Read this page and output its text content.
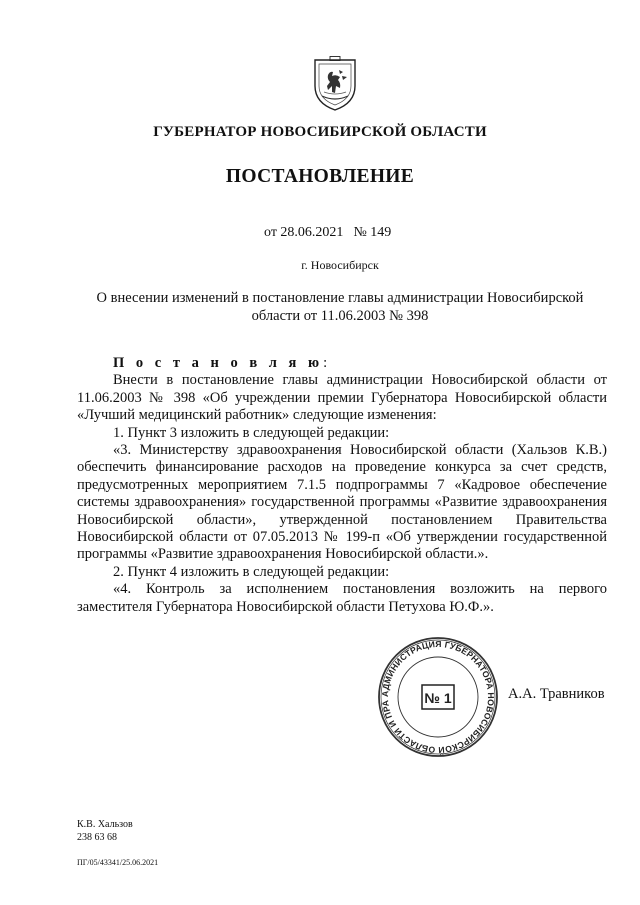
ГУБЕРНАТОР НОВОСИБИРСКОЙ ОБЛАСТИ
ПОСТАНОВЛЕНИЕ
от 28.06.2021 № 149
г. Новосибирск
О внесении изменений в постановление главы администрации Новосибирской области от 11.06.2003 № 398

П о с т а н о в л я ю:

Внести в постановление главы администрации Новосибирской области от 11.06.2003 № 398 «Об учреждении премии Губернатора Новосибирской области «Лучший медицинский работник» следующие изменения:

1. Пункт 3 изложить в следующей редакции:

«3. Министерству здравоохранения Новосибирской области (Хальзов К.В.) обеспечить финансирование расходов на проведение конкурса за счет средств, предусмотренных мероприятием 7.1.5 подпрограммы 7 «Кадровое обеспечение системы здравоохранения» государственной программы «Развитие здравоохранения Новосибирской области», утвержденной постановлением Правительства Новосибирской области от 07.05.2013 № 199-п «Об утверждении государственной программы «Развитие здравоохранения Новосибирской области.».

2. Пункт 4 изложить в следующей редакции:

«4. Контроль за исполнением постановления возложить на первого заместителя Губернатора Новосибирской области Петухова Ю.Ф.».

АДМИНИСТРАЦИЯ ГУБЕРНАТОРА НОВОСИБИРСКОЙ ОБЛАСТИ И ПРА	№ 1	А.А. Травников
К.В. Хальзов
238 63 68
ПГ/05/43341/25.06.2021
